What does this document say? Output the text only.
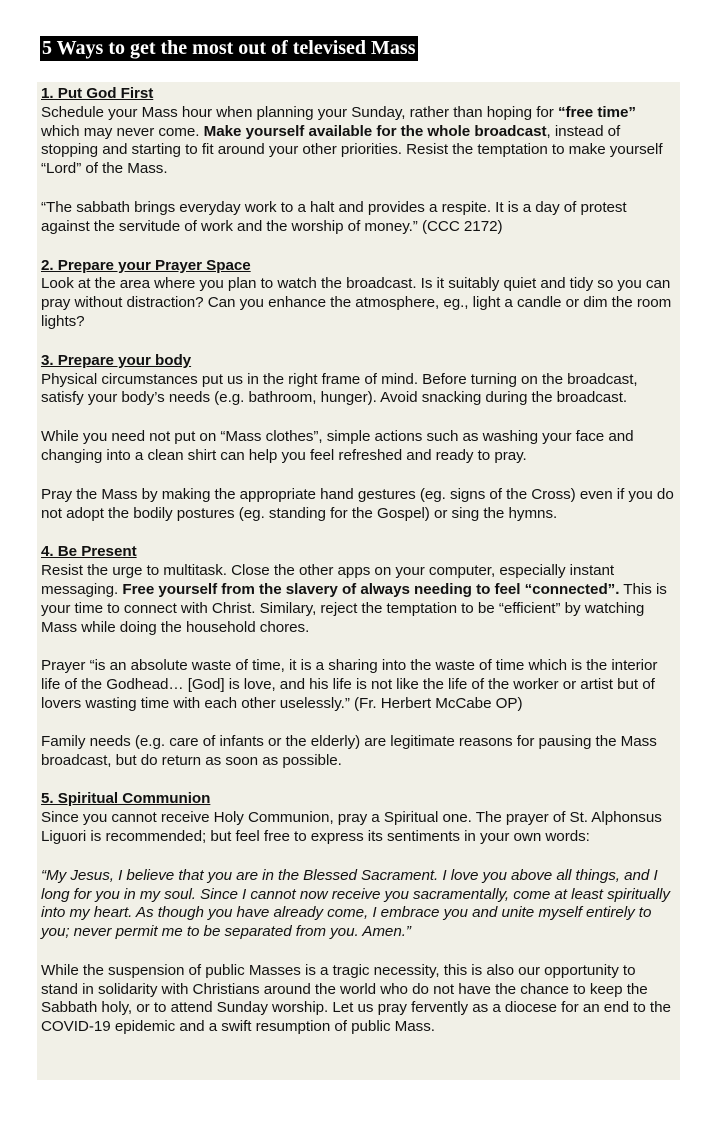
5 Ways to get the most out of televised Mass
1. Put God First

Schedule your Mass hour when planning your Sunday, rather than hoping for “free time” which may never come. Make yourself available for the whole broadcast, instead of stopping and starting to fit around your other priorities. Resist the temptation to make yourself “Lord” of the Mass.

“The sabbath brings everyday work to a halt and provides a respite. It is a day of protest against the servitude of work and the worship of money.” (CCC 2172)

2. Prepare your Prayer Space

Look at the area where you plan to watch the broadcast. Is it suitably quiet and tidy so you can pray without distraction? Can you enhance the atmosphere, eg., light a candle or dim the room lights?

3. Prepare your body

Physical circumstances put us in the right frame of mind. Before turning on the broadcast, satisfy your body’s needs (e.g. bathroom, hunger). Avoid snacking during the broadcast.

While you need not put on “Mass clothes”, simple actions such as washing your face and changing into a clean shirt can help you feel refreshed and ready to pray.

Pray the Mass by making the appropriate hand gestures (eg. signs of the Cross) even if you do not adopt the bodily postures (eg. standing for the Gospel) or sing the hymns.

4. Be Present

Resist the urge to multitask. Close the other apps on your computer, especially instant messaging. Free yourself from the slavery of always needing to feel “connected”. This is your time to connect with Christ. Similary, reject the temptation to be “efficient” by watching Mass while doing the household chores.

Prayer “is an absolute waste of time, it is a sharing into the waste of time which is the interior life of the Godhead… [God] is love, and his life is not like the life of the worker or artist but of lovers wasting time with each other uselessly.” (Fr. Herbert McCabe OP)

Family needs (e.g. care of infants or the elderly) are legitimate reasons for pausing the Mass broadcast, but do return as soon as possible.

5. Spiritual Communion

Since you cannot receive Holy Communion, pray a Spiritual one. The prayer of St. Alphonsus Liguori is recommended; but feel free to express its sentiments in your own words:

“My Jesus, I believe that you are in the Blessed Sacrament. I love you above all things, and I long for you in my soul. Since I cannot now receive you sacramentally, come at least spiritually into my heart. As though you have already come, I embrace you and unite myself entirely to you; never permit me to be separated from you. Amen.”

While the suspension of public Masses is a tragic necessity, this is also our opportunity to stand in solidarity with Christians around the world who do not have the chance to keep the Sabbath holy, or to attend Sunday worship. Let us pray fervently as a diocese for an end to the COVID-19 epidemic and a swift resumption of public Mass.
